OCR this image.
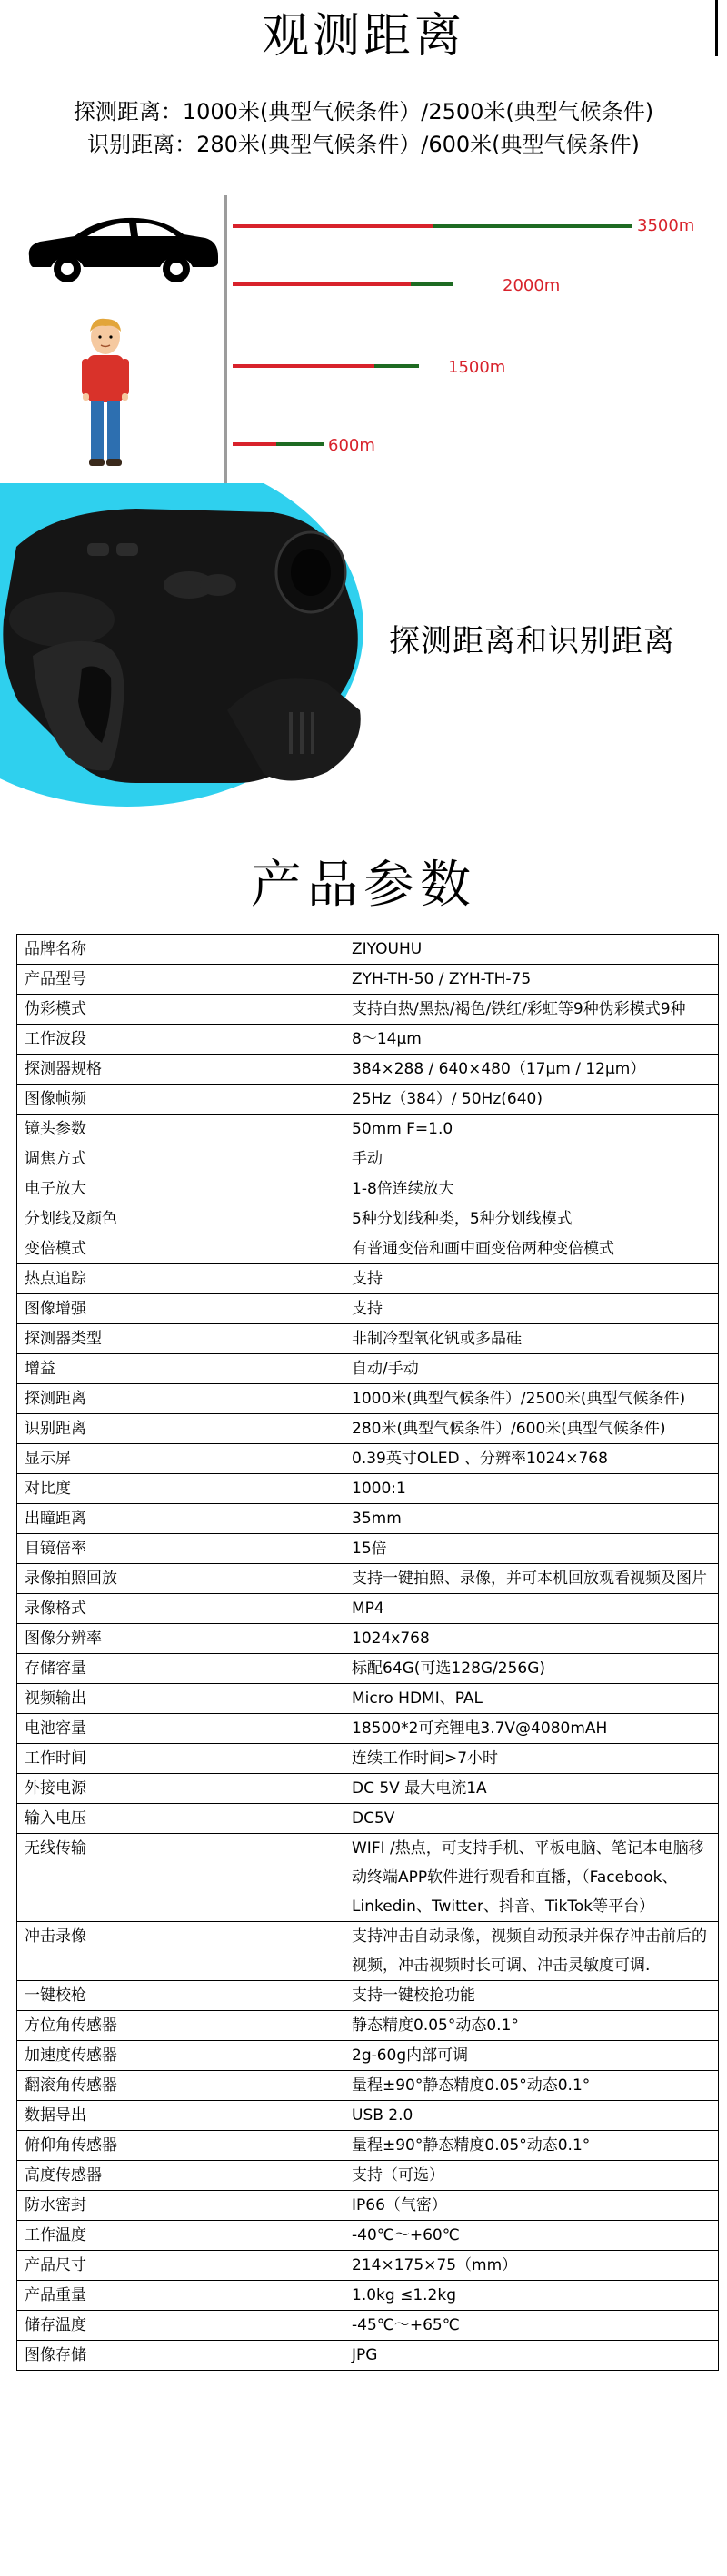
观测距离
探测距离：1000米(典型气候条件）/2500米(典型气候条件)
识别距离：280米(典型气候条件）/600米(典型气候条件)
3500m
2000m
1500m
600m
探测距离和识别距离
产品参数
品牌名称	ZIYOUHU
产品型号	ZYH-TH-50 / ZYH-TH-75
伪彩模式	支持白热/黑热/褐色/铁红/彩虹等9种伪彩模式9种
工作波段	8～14μm
探测器规格	384×288 / 640×480（17μm / 12μm）
图像帧频	25Hz（384）/ 50Hz(640)
镜头参数	50mm F=1.0
调焦方式	手动
电子放大	1-8倍连续放大
分划线及颜色	5种分划线种类，5种分划线模式
变倍模式	有普通变倍和画中画变倍两种变倍模式
热点追踪	支持
图像增强	支持
探测器类型	非制冷型氧化钒或多晶硅
增益	自动/手动
探测距离	1000米(典型气候条件）/2500米(典型气候条件)
识别距离	280米(典型气候条件）/600米(典型气候条件)
显示屏	0.39英寸OLED 、分辨率1024×768
对比度	1000:1
出瞳距离	35mm
目镜倍率	15倍
录像拍照回放	支持一键拍照、录像，并可本机回放观看视频及图片
录像格式	MP4
图像分辨率	1024x768
存储容量	标配64G(可选128G/256G)
视频输出	Micro HDMI、PAL
电池容量	18500*2可充锂电3.7V@4080mAH
工作时间	连续工作时间>7小时
外接电源	DC 5V 最大电流1A
输入电压	DC5V
无线传输	WIFI /热点，可支持手机、平板电脑、笔记本电脑移动终端APP软件进行观看和直播，（Facebook、Linkedin、Twitter、抖音、TikTok等平台）
冲击录像	支持冲击自动录像，视频自动预录并保存冲击前后的视频，冲击视频时长可调、冲击灵敏度可调.
一键校枪	支持一键校抢功能
方位角传感器	静态精度0.05°动态0.1°
加速度传感器	2g-60g内部可调
翻滚角传感器	量程±90°静态精度0.05°动态0.1°
数据导出	USB 2.0
俯仰角传感器	量程±90°静态精度0.05°动态0.1°
高度传感器	支持（可选）
防水密封	IP66（气密）
工作温度	-40℃～+60℃
产品尺寸	214×175×75（mm）
产品重量	1.0kg ≤1.2kg
储存温度	-45℃～+65℃
图像存储	JPG
